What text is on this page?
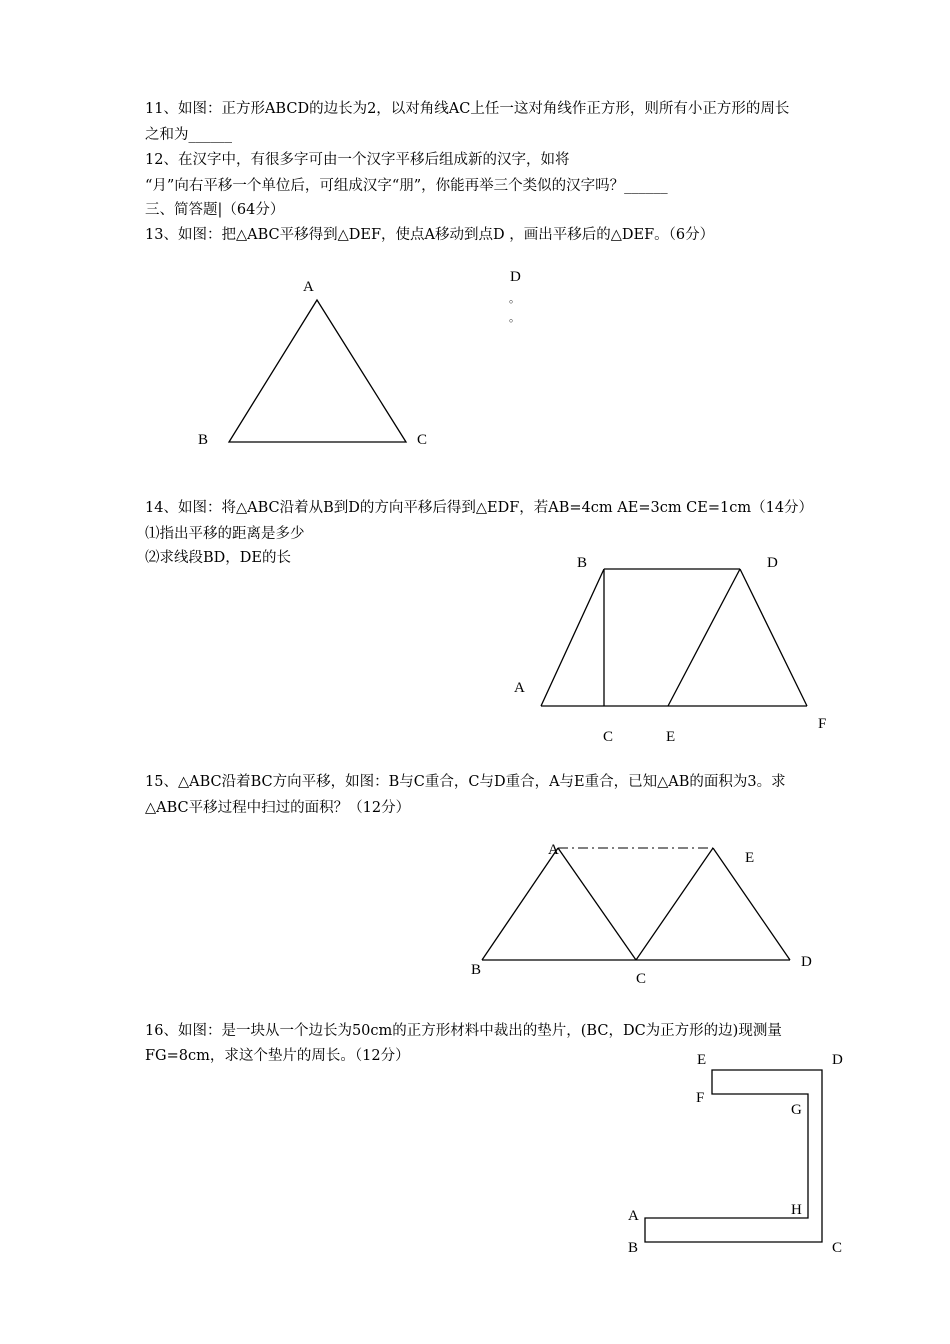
11、如图：正方形ABCD的边长为2，以对角线AC上任一这对角线作正方形，则所有小正方形的周长
之和为______
12、在汉字中，有很多字可由一个汉字平移后组成新的汉字，如将
“月”向右平移一个单位后，可组成汉字“朋”，你能再举三个类似的汉字吗？______
三、简答题|（64分）
13、如图：把△ABC平移得到△DEF，使点A移动到点D ，画出平移后的△DEF。（6分）
A
B	C
D
。
。
14、如图：将△ABC沿着从B到D的方向平移后得到△EDF，若AB=4cm AE=3cm CE=1cm（14分）
⑴指出平移的距离是多少
⑵求线段BD，DE的长	B	D
A
F
C	E
15、△ABC沿着BC方向平移，如图：B与C重合，C与D重合，A与E重合，已知△AB的面积为3。求
△ABC平移过程中扫过的面积？（12分）
A	E
B
C
D
16、如图：是一块从一个边长为50cm的正方形材料中裁出的垫片，(BC，DC为正方形的边)现测量
FG=8cm，求这个垫片的周长。（12分）	E	D
F
G
H
A
B	C
